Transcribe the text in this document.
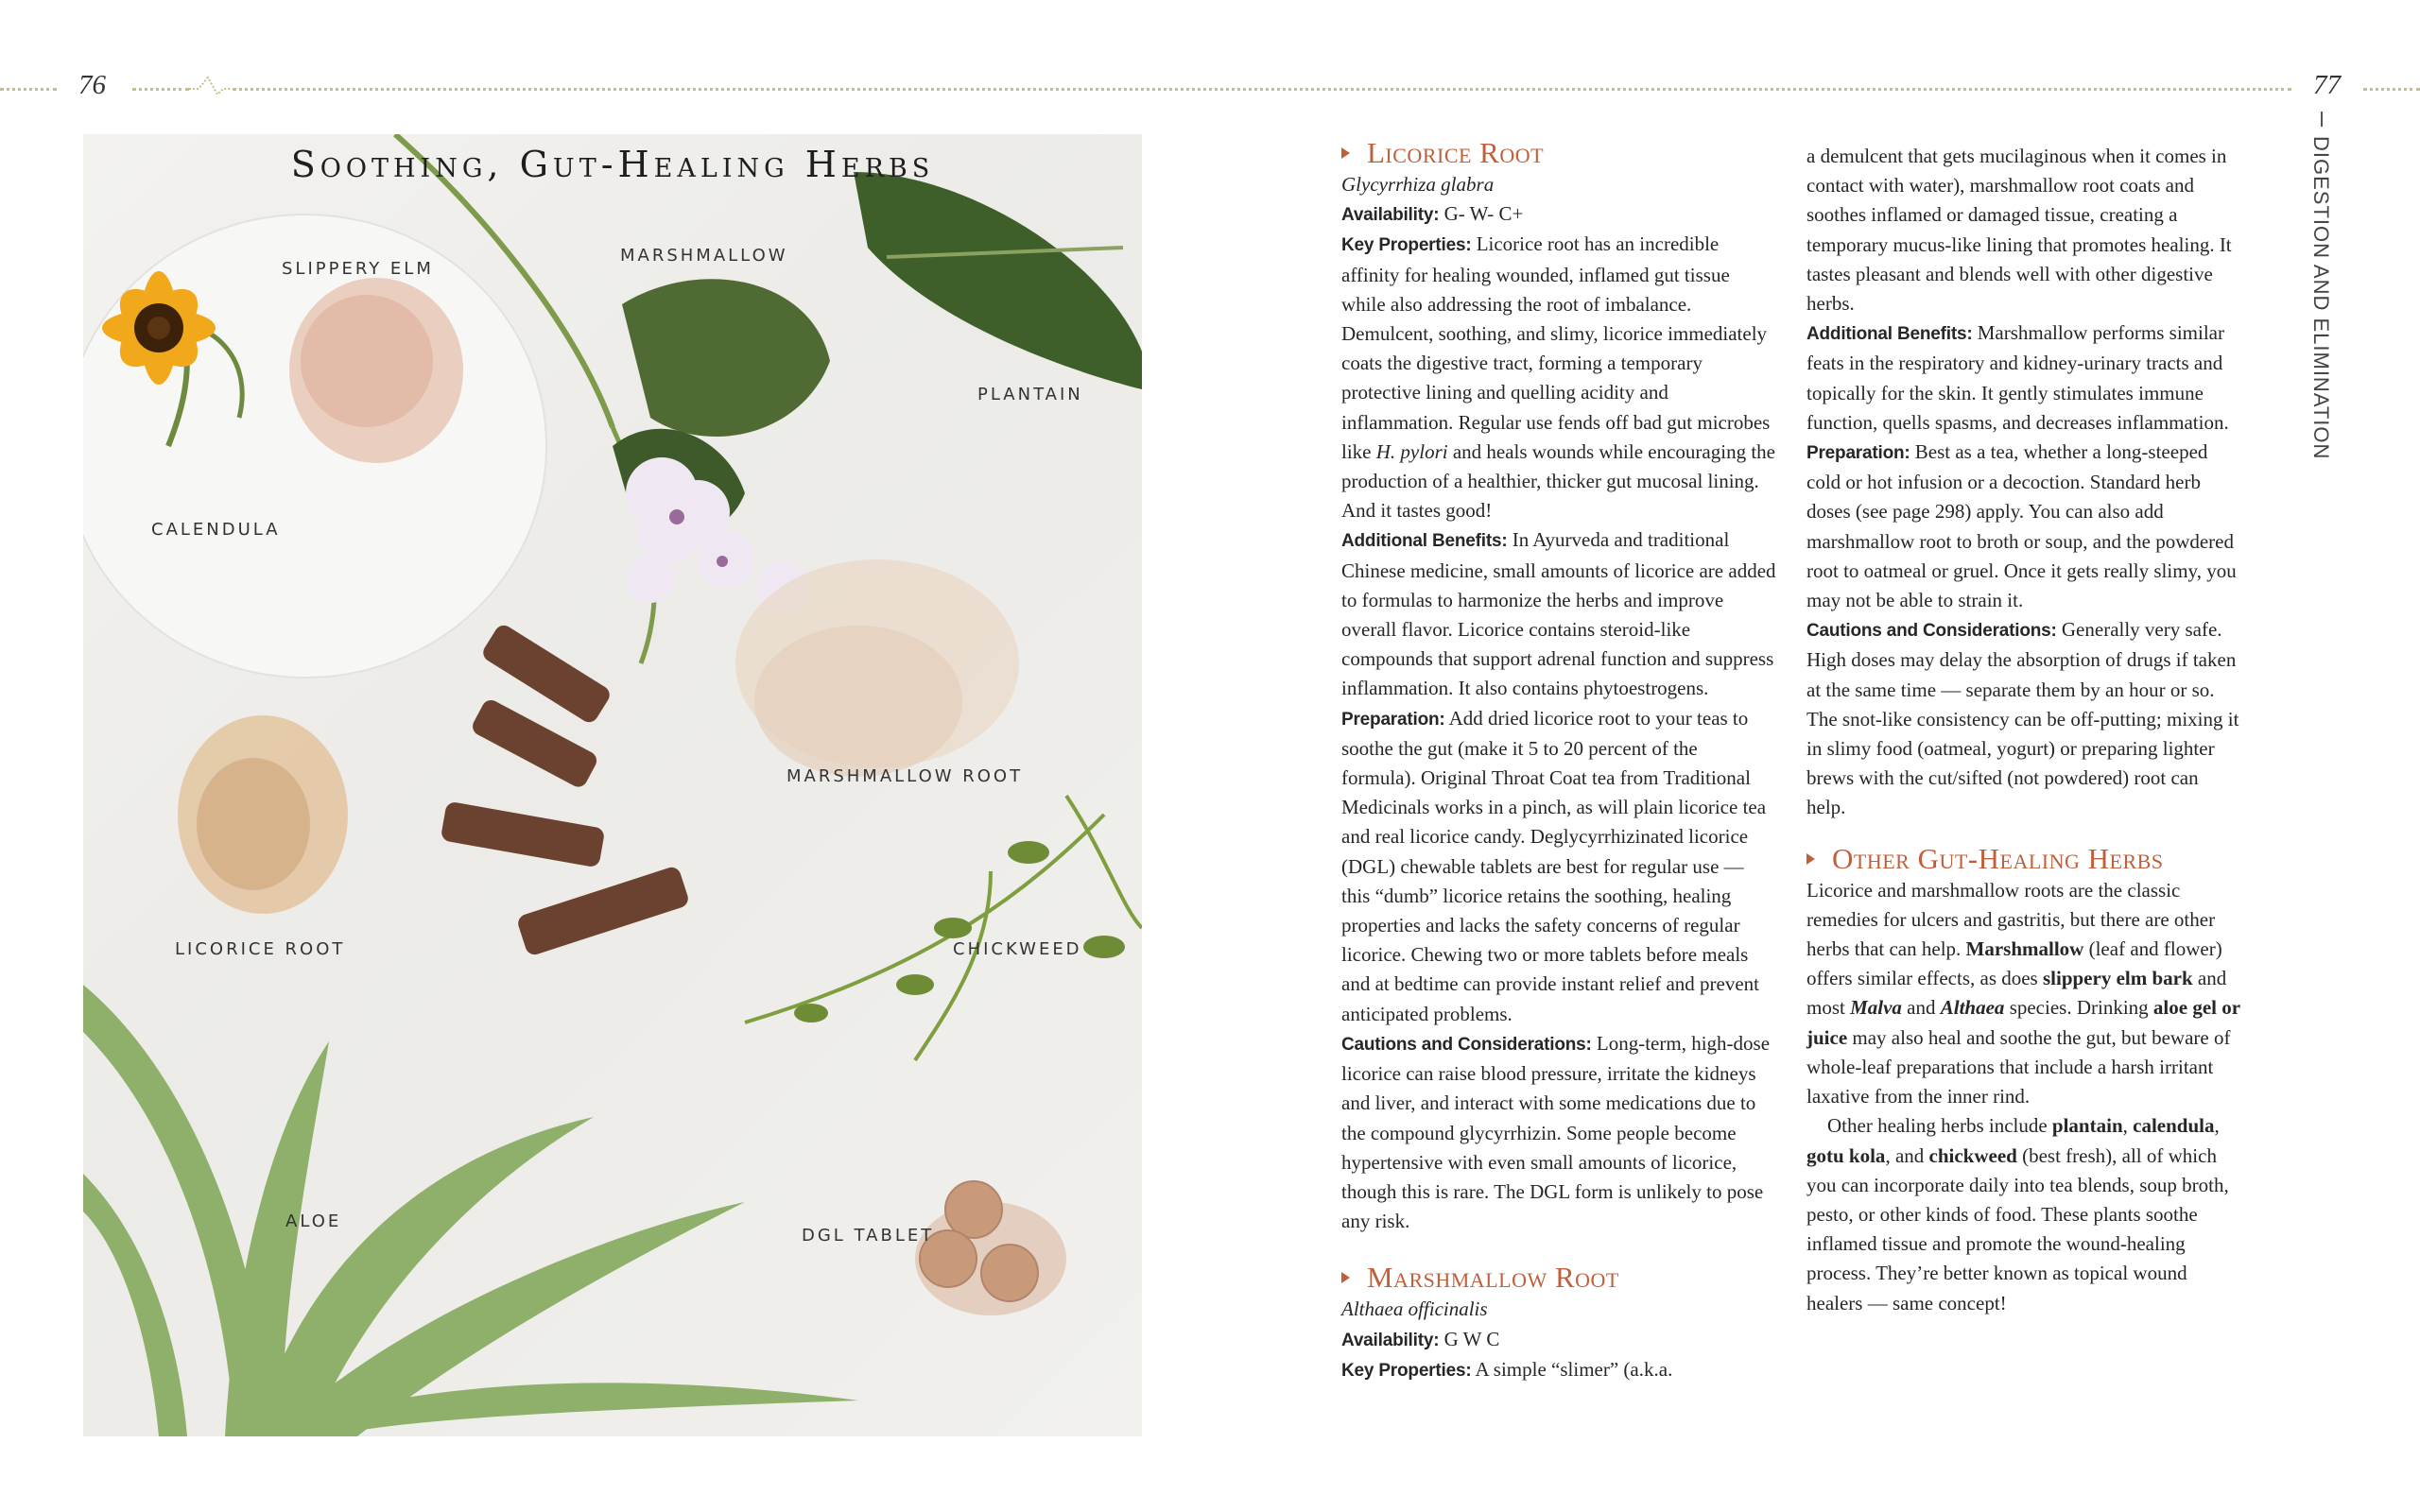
76	77
DIGESTION AND ELIMINATION
Soothing, Gut-Healing Herbs
SLIPPERY ELM
MARSHMALLOW
PLANTAIN
CALENDULA
MARSHMALLOW ROOT
LICORICE ROOT	CHICKWEED
ALOE
DGL TABLET

Licorice Root

Glycyrrhiza glabra

Availability: G- W- C+

Key Properties: Licorice root has an incredible affinity for healing wounded, inflamed gut tissue while also addressing the root of imbalance. Demulcent, soothing, and slimy, licorice immediately coats the digestive tract, forming a temporary protective lining and quelling acidity and inflammation. Regular use fends off bad gut microbes like H. pylori and heals wounds while encouraging the production of a healthier, thicker gut mucosal lining. And it tastes good!

Additional Benefits: In Ayurveda and traditional Chinese medicine, small amounts of licorice are added to formulas to harmonize the herbs and improve overall flavor. Licorice contains steroid-like compounds that support adrenal function and suppress inflammation. It also contains phytoestrogens.

Preparation: Add dried licorice root to your teas to soothe the gut (make it 5 to 20 percent of the formula). Original Throat Coat tea from Traditional Medicinals works in a pinch, as will plain licorice tea and real licorice candy. Deglycyrrhizinated licorice (DGL) chewable tablets are best for regular use — this “dumb” licorice retains the soothing, healing properties and lacks the safety concerns of regular licorice. Chewing two or more tablets before meals and at bedtime can provide instant relief and prevent anticipated problems.

Cautions and Considerations: Long-term, high-dose licorice can raise blood pressure, irritate the kidneys and liver, and interact with some medications due to the compound glycyrrhizin. Some people become hypertensive with even small amounts of licorice, though this is rare. The DGL form is unlikely to pose any risk.

Marshmallow Root

Althaea officinalis

Availability: G W C

Key Properties: A simple “slimer” (a.k.a.

a demulcent that gets mucilaginous when it comes in contact with water), marshmallow root coats and soothes inflamed or damaged tissue, creating a temporary mucus-like lining that promotes healing. It tastes pleasant and blends well with other digestive herbs.

Additional Benefits: Marshmallow performs similar feats in the respiratory and kidney-urinary tracts and topically for the skin. It gently stimulates immune function, quells spasms, and decreases inflammation.

Preparation: Best as a tea, whether a long-steeped cold or hot infusion or a decoction. Standard herb doses (see page 298) apply. You can also add marshmallow root to broth or soup, and the powdered root to oatmeal or gruel. Once it gets really slimy, you may not be able to strain it.

Cautions and Considerations: Generally very safe. High doses may delay the absorption of drugs if taken at the same time — separate them by an hour or so. The snot-like consistency can be off-putting; mixing it in slimy food (oatmeal, yogurt) or preparing lighter brews with the cut/sifted (not powdered) root can help.

Other Gut-Healing Herbs

Licorice and marshmallow roots are the classic remedies for ulcers and gastritis, but there are other herbs that can help. Marshmallow (leaf and flower) offers similar effects, as does slippery elm bark and most Malva and Althaea species. Drinking aloe gel or juice may also heal and soothe the gut, but beware of whole-leaf preparations that include a harsh irritant laxative from the inner rind.

Other healing herbs include plantain, calendula, gotu kola, and chickweed (best fresh), all of which you can incorporate daily into tea blends, soup broth, pesto, or other kinds of food. These plants soothe inflamed tissue and promote the wound-healing process. They’re better known as topical wound healers — same concept!
